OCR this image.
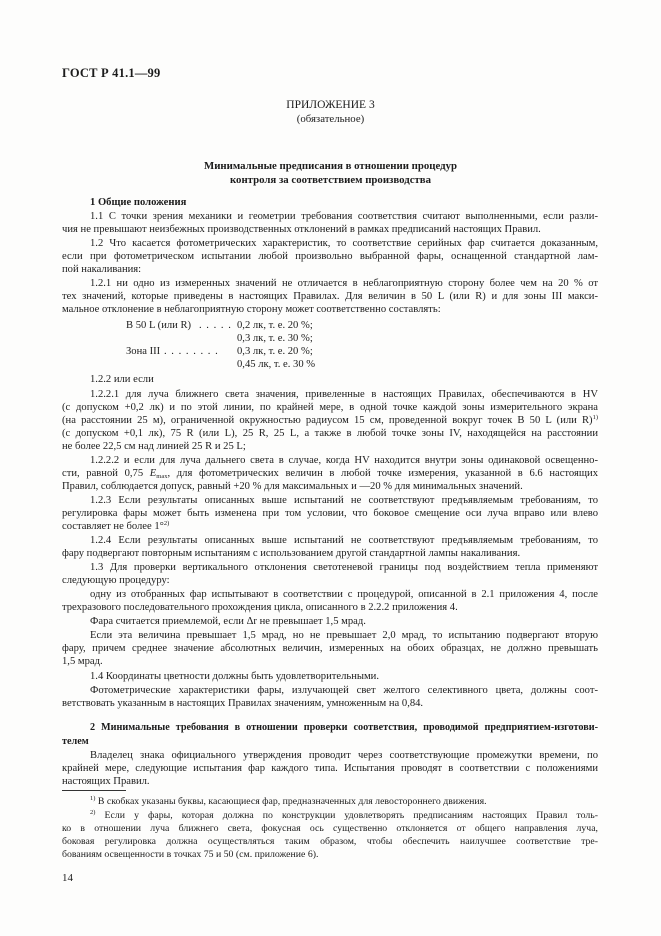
ГОСТ Р 41.1—99
ПРИЛОЖЕНИЕ 3
(обязательное)
Минимальные предписания в отношении процедур
контроля за соответствием производства
1 Общие положения
1.1 С точки зрения механики и геометрии требования соответствия считают выполненными, если разли-
чия не превышают неизбежных производственных отклонений в рамках предписаний настоящих Правил.
1.2 Что касается фотометрических характеристик, то соответствие серийных фар считается доказанным,
если при фотометрическом испытании любой произвольно выбранной фары, оснащенной стандартной лам-
пой накаливания:
1.2.1 ни одно из измеренных значений не отличается в неблагоприятную сторону более чем на 20 % от
тех значений, которые приведены в настоящих Правилах. Для величин в 50 L (или R) и для зоны III макси-
мальное отклонение в неблагоприятную сторону может соответственно составлять:
B 50 L (или R) . . . . . 0,2 лк, т. е. 20 %;
0,3 лк, т. е. 30 %;
Зона III . . . . . . . . 0,3 лк, т. е. 20 %;
0,45 лк, т. е. 30 %
1.2.2 или если
1.2.2.1 для луча ближнего света значения, привеленные в настоящих Правилах, обеспечиваются в HV
(с допуском +0,2 лк) и по этой линии, по крайней мере, в одной точке каждой зоны измерительного экрана
(на расстоянии 25 м), ограниченной окружностью радиусом 15 см, проведенной вокруг точек B 50 L (или R)$^{1)}$
(с допуском +0,1 лк), 75 R (или L), 25 R, 25 L, а также в любой точке зоны IV, находящейся на расстоянии
не более 22,5 см над линией 25 R и 25 L;
1.2.2.2 и если для луча дальнего света в случае, когда HV находится внутри зоны одинаковой освещенно-
сти, равной 0,75 $E_{max}$, для фотометрических величин в любой точке измерения, указанной в 6.6 настоящих
Правил, соблюдается допуск, равный +20 % для максимальных и —20 % для минимальных значений.
1.2.3 Если результаты описанных выше испытаний не соответствуют предъявляемым требованиям, то
регулировка фары может быть изменена при том условии, что боковое смещение оси луча вправо или влево
составляет не более 1°$^{2)}$
1.2.4 Если результаты описанных выше испытаний не соответствуют предъявляемым требованиям, то
фару подвергают повторным испытаниям с использованием другой стандартной лампы накаливания.
1.3 Для проверки вертикального отклонения светотеневой границы под воздействием тепла применяют
следующую процедуру:
одну из отобранных фар испытывают в соответствии с процедурой, описанной в 2.1 приложения 4, после
трехразового последовательного прохождения цикла, описанного в 2.2.2 приложения 4.
Фара считается приемлемой, если Δr не превышает 1,5 мрад.
Если эта величина превышает 1,5 мрад, но не превышает 2,0 мрад, то испытанию подвергают вторую
фару, причем среднее значение абсолютных величин, измеренных на обоих образцах, не должно превышать
1,5 мрад.
1.4 Координаты цветности должны быть удовлетворительными.
Фотометрические характеристики фары, излучающей свет желтого селективного цвета, должны соот-
ветствовать указанным в настоящих Правилах значениям, умноженным на 0,84.
2 Минимальные требования в отношении проверки соответствия, проводимой предприятием-изготови-
телем
Владелец знака официального утверждения проводит через соответствующие промежутки времени, по
крайней мере, следующие испытания фар каждого типа. Испытания проводят в соответствии с положениями
настоящих Правил.
$^{1)}$ В скобках указаны буквы, касающиеся фар, предназначенных для левостороннего движения.
$^{2)}$ Если у фары, которая должна по конструкции удовлетворять предписаниям настоящих Правил толь-
ко в отношении луча ближнего света, фокусная ось существенно отклоняется от общего направления луча,
боковая регулировка должна осуществляться таким образом, чтобы обеспечить наилучшее соответствие тре-
бованиям освещенности в точках 75 и 50 (см. приложение 6).
14
